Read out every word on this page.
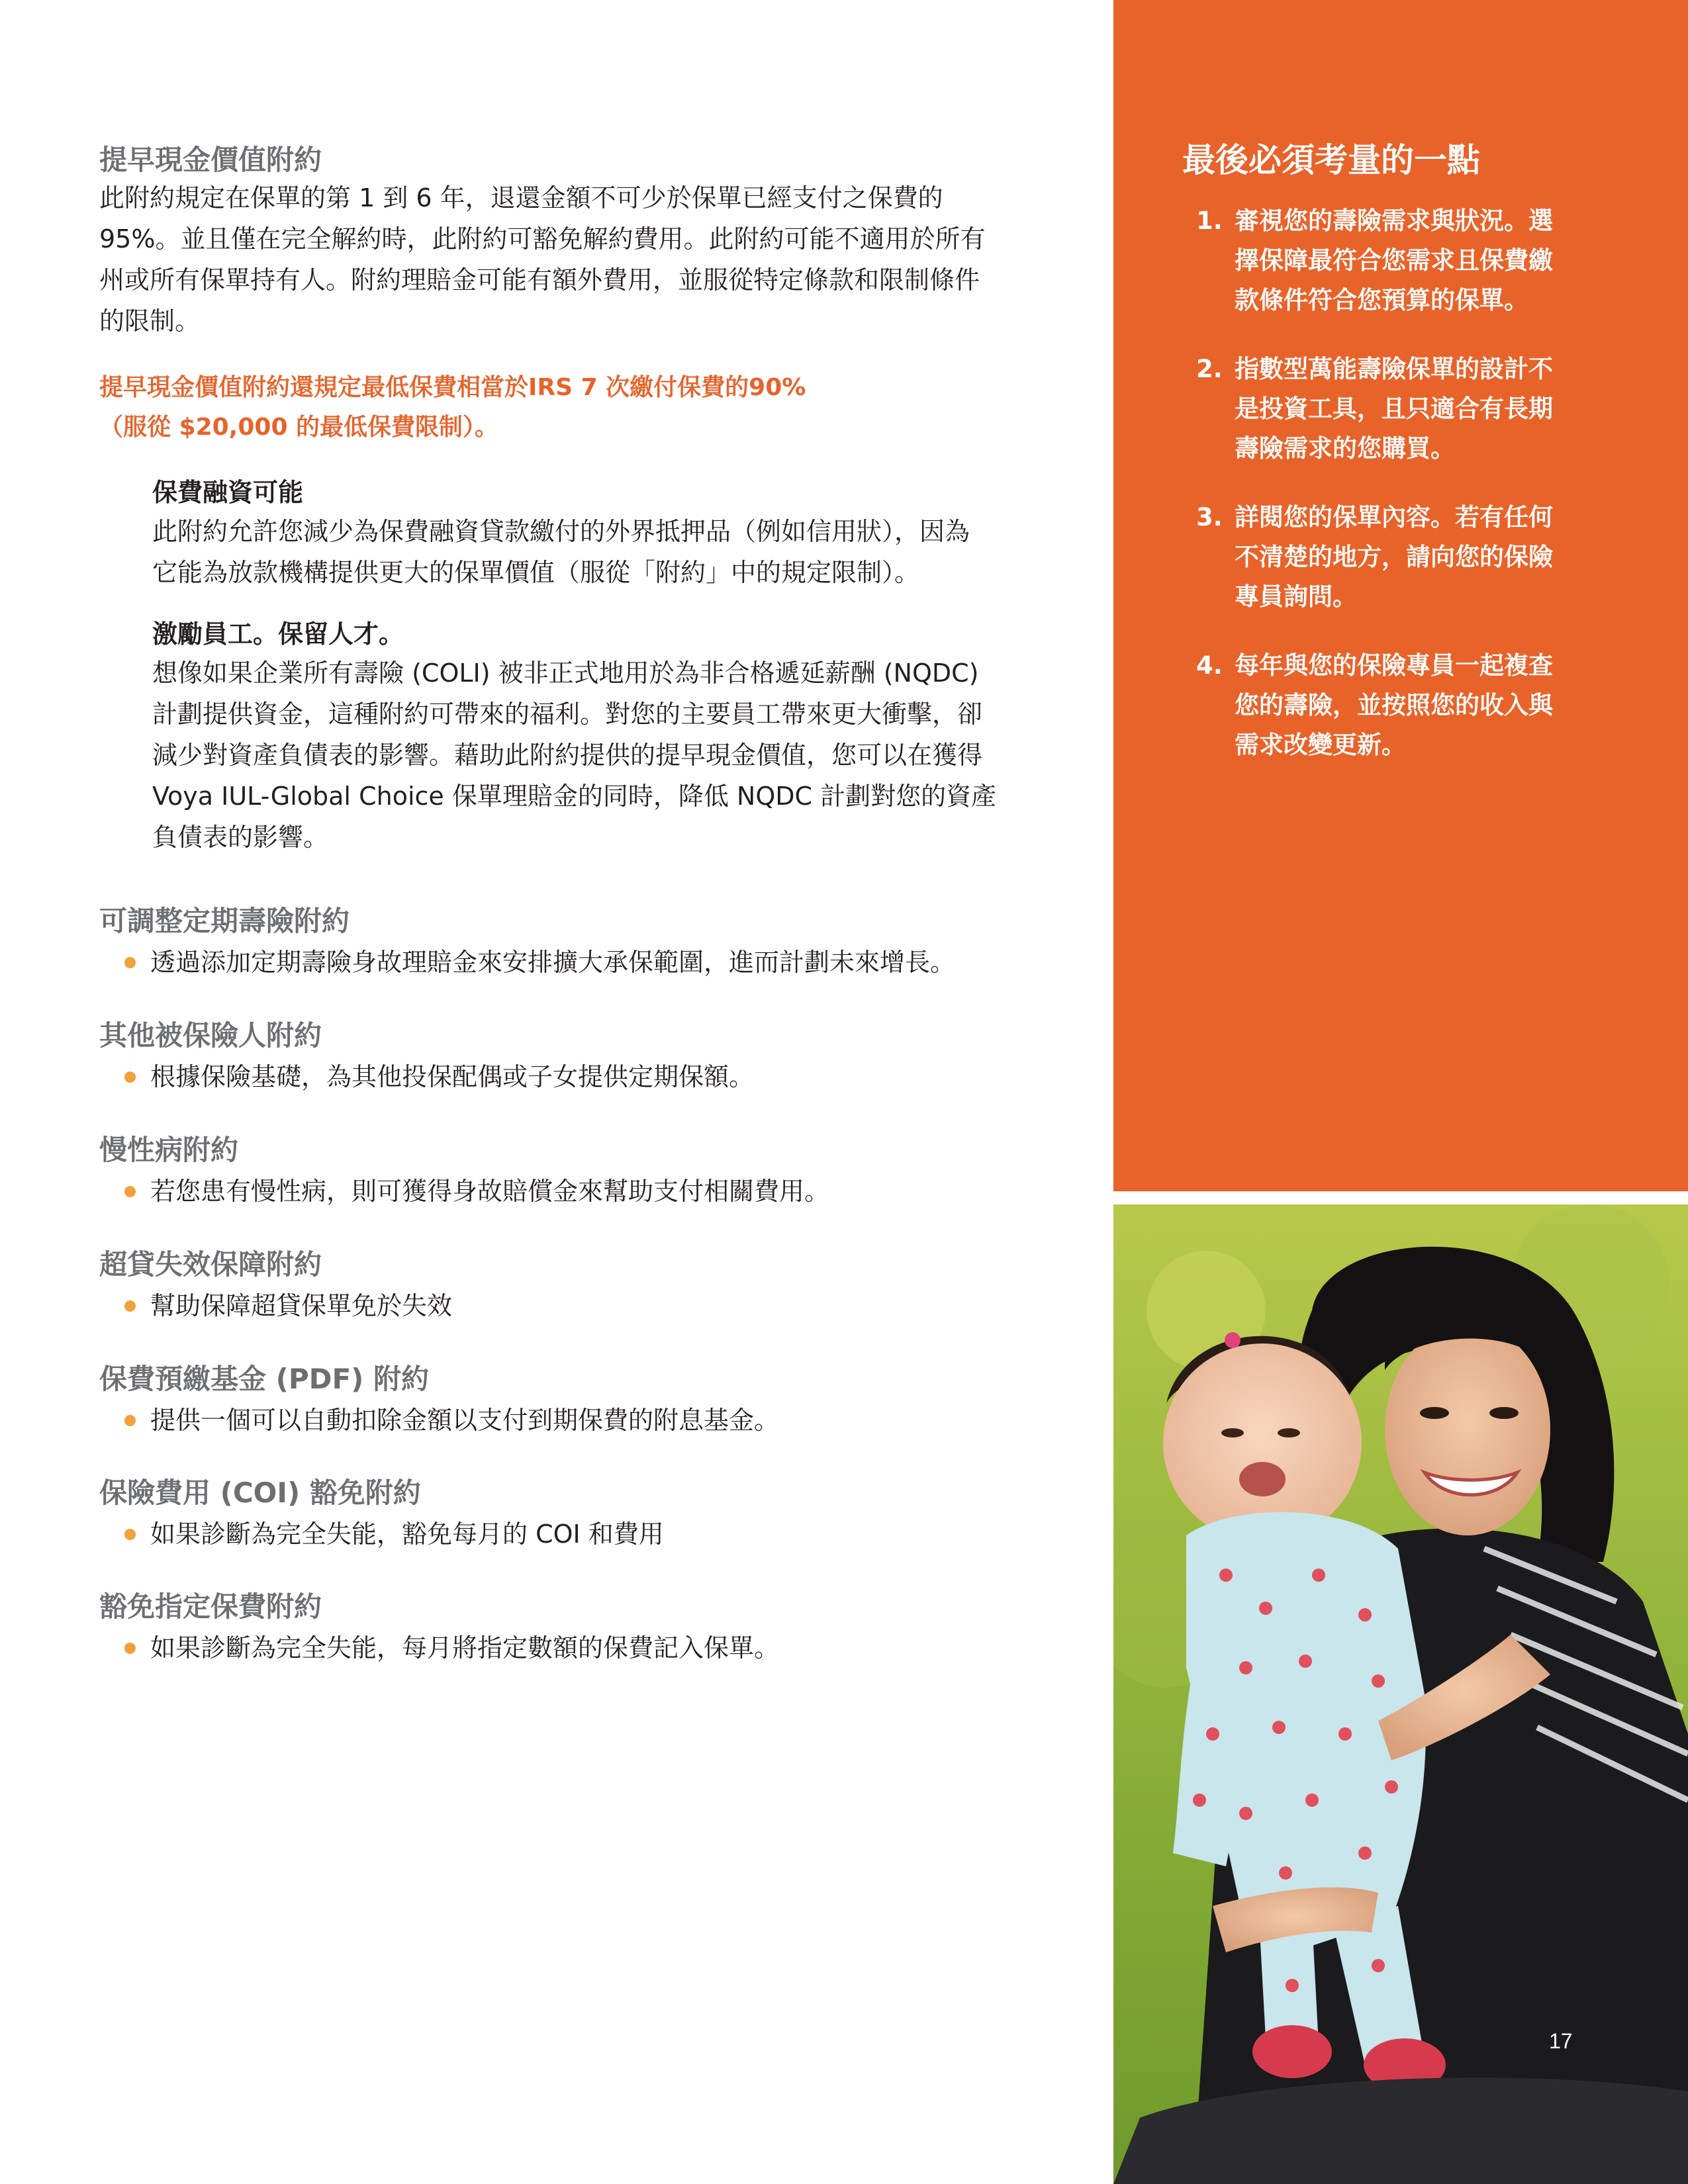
提早現金價值附約

此附約規定在保單的第 1 到 6 年，退還金額不可少於保單已經支付之保費的

95%。並且僅在完全解約時，此附約可豁免解約費用。此附約可能不適用於所有

州或所有保單持有人。附約理賠金可能有額外費用，並服從特定條款和限制條件

的限制。

提早現金價值附約還規定最低保費相當於IRS 7 次繳付保費的90%

（服從 $20,000 的最低保費限制）。

保費融資可能

此附約允許您減少為保費融資貸款繳付的外界抵押品（例如信用狀），因為

它能為放款機構提供更大的保單價值（服從「附約」中的規定限制）。

激勵員工。保留人才。

想像如果企業所有壽險 (COLI) 被非正式地用於為非合格遞延薪酬 (NQDC)

計劃提供資金，這種附約可帶來的福利。對您的主要員工帶來更大衝擊，卻

減少對資產負債表的影響。藉助此附約提供的提早現金價值，您可以在獲得

Voya IUL-Global Choice 保單理賠金的同時，降低 NQDC 計劃對您的資產

負債表的影響。

可調整定期壽險附約

透過添加定期壽險身故理賠金來安排擴大承保範圍，進而計劃未來增長。

其他被保險人附約

根據保險基礎，為其他投保配偶或子女提供定期保額。

慢性病附約

若您患有慢性病，則可獲得身故賠償金來幫助支付相關費用。

超貸失效保障附約

幫助保障超貸保單免於失效

保費預繳基金 (PDF) 附約

提供一個可以自動扣除金額以支付到期保費的附息基金。

保險費用 (COI) 豁免附約

如果診斷為完全失能，豁免每月的 COI 和費用

豁免指定保費附約

如果診斷為完全失能，每月將指定數額的保費記入保單。

最後必須考量的一點

1. 審視您的壽險需求與狀況。選
擇保障最符合您需求且保費繳
款條件符合您預算的保單。
2. 指數型萬能壽險保單的設計不
是投資工具，且只適合有長期
壽險需求的您購買。
3. 詳閱您的保單內容。若有任何
不清楚的地方，請向您的保險
專員詢問。
4. 每年與您的保險專員一起複查
您的壽險，並按照您的收入與
需求改變更新。
17
